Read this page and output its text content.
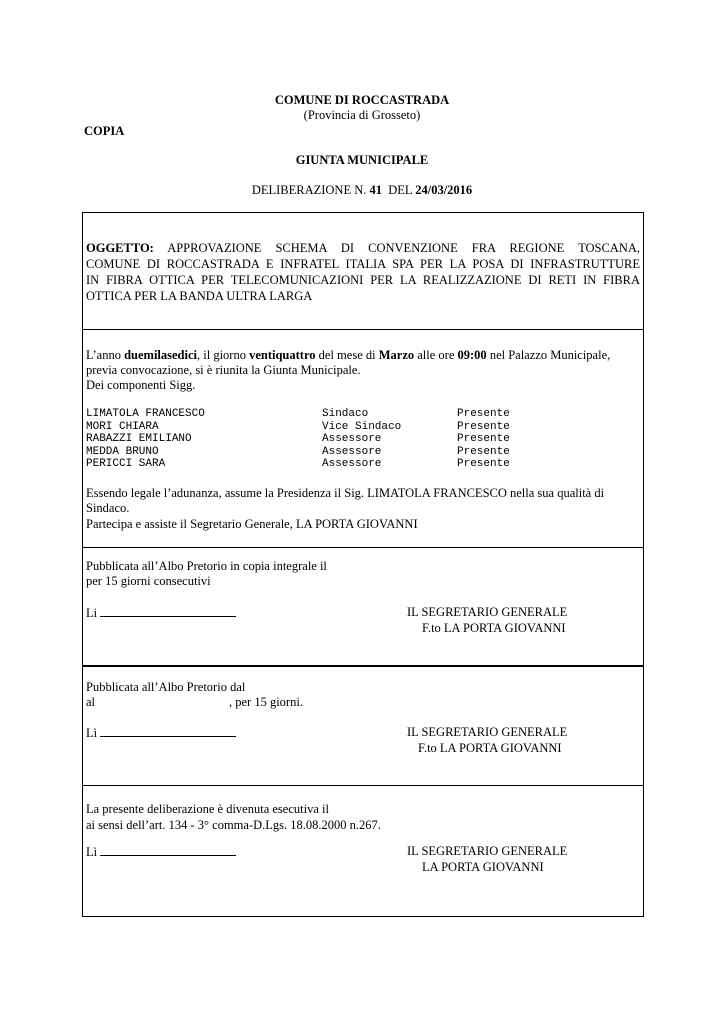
COMUNE DI ROCCASTRADA
(Provincia di Grosseto)
COPIA
GIUNTA MUNICIPALE
DELIBERAZIONE N. 41 DEL 24/03/2016
OGGETTO: APPROVAZIONE SCHEMA DI CONVENZIONE FRA REGIONE TOSCANA,
COMUNE DI ROCCASTRADA E INFRATEL ITALIA SPA PER LA POSA DI INFRASTRUTTURE
IN FIBRA OTTICA PER TELECOMUNICAZIONI PER LA REALIZZAZIONE DI RETI IN FIBRA
OTTICA PER LA BANDA ULTRA LARGA
L’anno duemilasedici, il giorno ventiquattro del mese di Marzo alle ore 09:00 nel Palazzo Municipale,
previa convocazione, si è riunita la Giunta Municipale.
Dei componenti Sigg.
LIMATOLA FRANCESCO	Sindaco	Presente
MORI CHIARA	Vice Sindaco	Presente
RABAZZI EMILIANO	Assessore	Presente
MEDDA BRUNO	Assessore	Presente
PERICCI SARA	Assessore	Presente
Essendo legale l’adunanza, assume la Presidenza il Sig. LIMATOLA FRANCESCO nella sua qualità di
Sindaco.
Partecipa e assiste il Segretario Generale, LA PORTA GIOVANNI
Pubblicata all’Albo Pretorio in copia integrale il
per 15 giorni consecutivi
Li	IL SEGRETARIO GENERALE
F.to LA PORTA GIOVANNI
Pubblicata all’Albo Pretorio dal
al	, per 15 giorni.
Lì	IL SEGRETARIO GENERALE
F.to LA PORTA GIOVANNI
La presente deliberazione è divenuta esecutiva il
ai sensi dell’art. 134 - 3° comma-D.Lgs. 18.08.2000 n.267.
Lì	IL SEGRETARIO GENERALE
LA PORTA GIOVANNI
